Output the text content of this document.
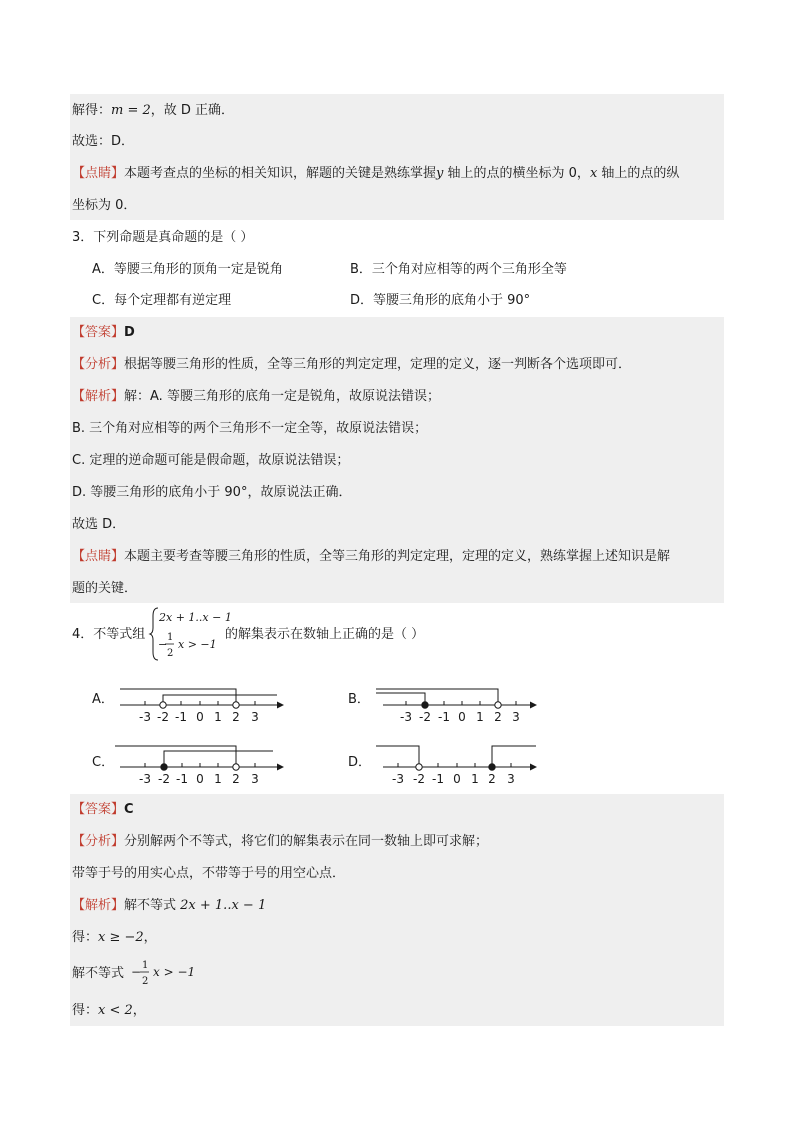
解得：m = 2，故 D 正确．
故选：D．
【点睛】本题考查点的坐标的相关知识，解题的关键是熟练掌握y 轴上的点的横坐标为 0，x 轴上的点的纵
坐标为 0．
3．下列命题是真命题的是（ ）
A．等腰三角形的顶角一定是锐角	B．三个角对应相等的两个三角形全等
C．每个定理都有逆定理	D．等腰三角形的底角小于 90°
【答案】D
【分析】根据等腰三角形的性质，全等三角形的判定定理，定理的定义，逐一判断各个选项即可．
【解析】解：A. 等腰三角形的底角一定是锐角，故原说法错误；
B. 三个角对应相等的两个三角形不一定全等，故原说法错误；
C. 定理的逆命题可能是假命题，故原说法错误；
D. 等腰三角形的底角小于 90°，故原说法正确．
故选 D．
【点睛】本题主要考查等腰三角形的性质，全等三角形的判定定理，定理的定义，熟练掌握上述知识是解
题的关键．
4．不等式组
2x + 1..x − 1
−
1
2
x > −1
的解集表示在数轴上正确的是（ ）
A．	B．
C．	D．
-3 -2 -1 0 1 2 3	-3 -2 -1 0 1 2 3
-3 -2 -1 0 1 2 3	-3 -2 -1 0 1 2 3
【答案】C
【分析】分别解两个不等式，将它们的解集表示在同一数轴上即可求解；
带等于号的用实心点，不带等于号的用空心点．
【解析】解不等式 2x + 1..x − 1
得：x ≥ −2，
解不等式 − 1
2
x > −1
得：x < 2，
